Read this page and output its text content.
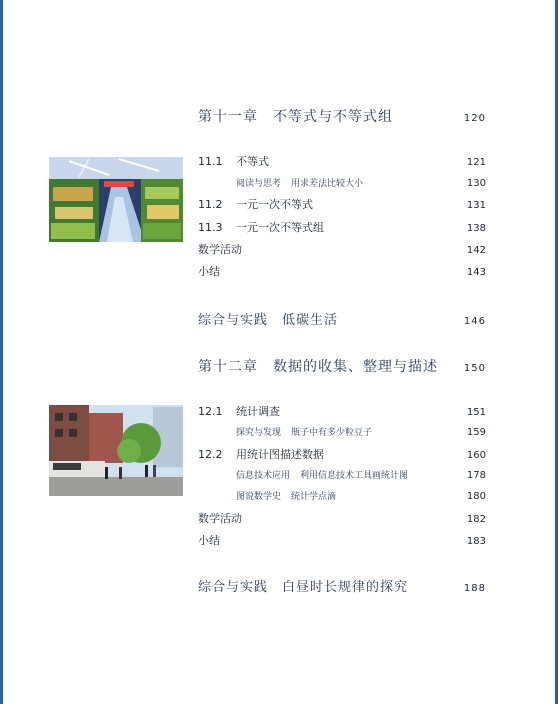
第十一章　不等式与不等式组	120
11.1 不等式	121
阅读与思考 用求差法比较大小	130
11.2 一元一次不等式	131
11.3 一元一次不等式组	138
数学活动	142
小结	143
综合与实践　低碳生活	146
第十二章　数据的收集、整理与描述	150
12.1 统计调查	151
探究与发现 瓶子中有多少粒豆子	159
12.2 用统计图描述数据	160
信息技术应用 利用信息技术工具画统计图	178
图说数学史 统计学点滴	180
数学活动	182
小结	183
综合与实践　白昼时长规律的探究	188
